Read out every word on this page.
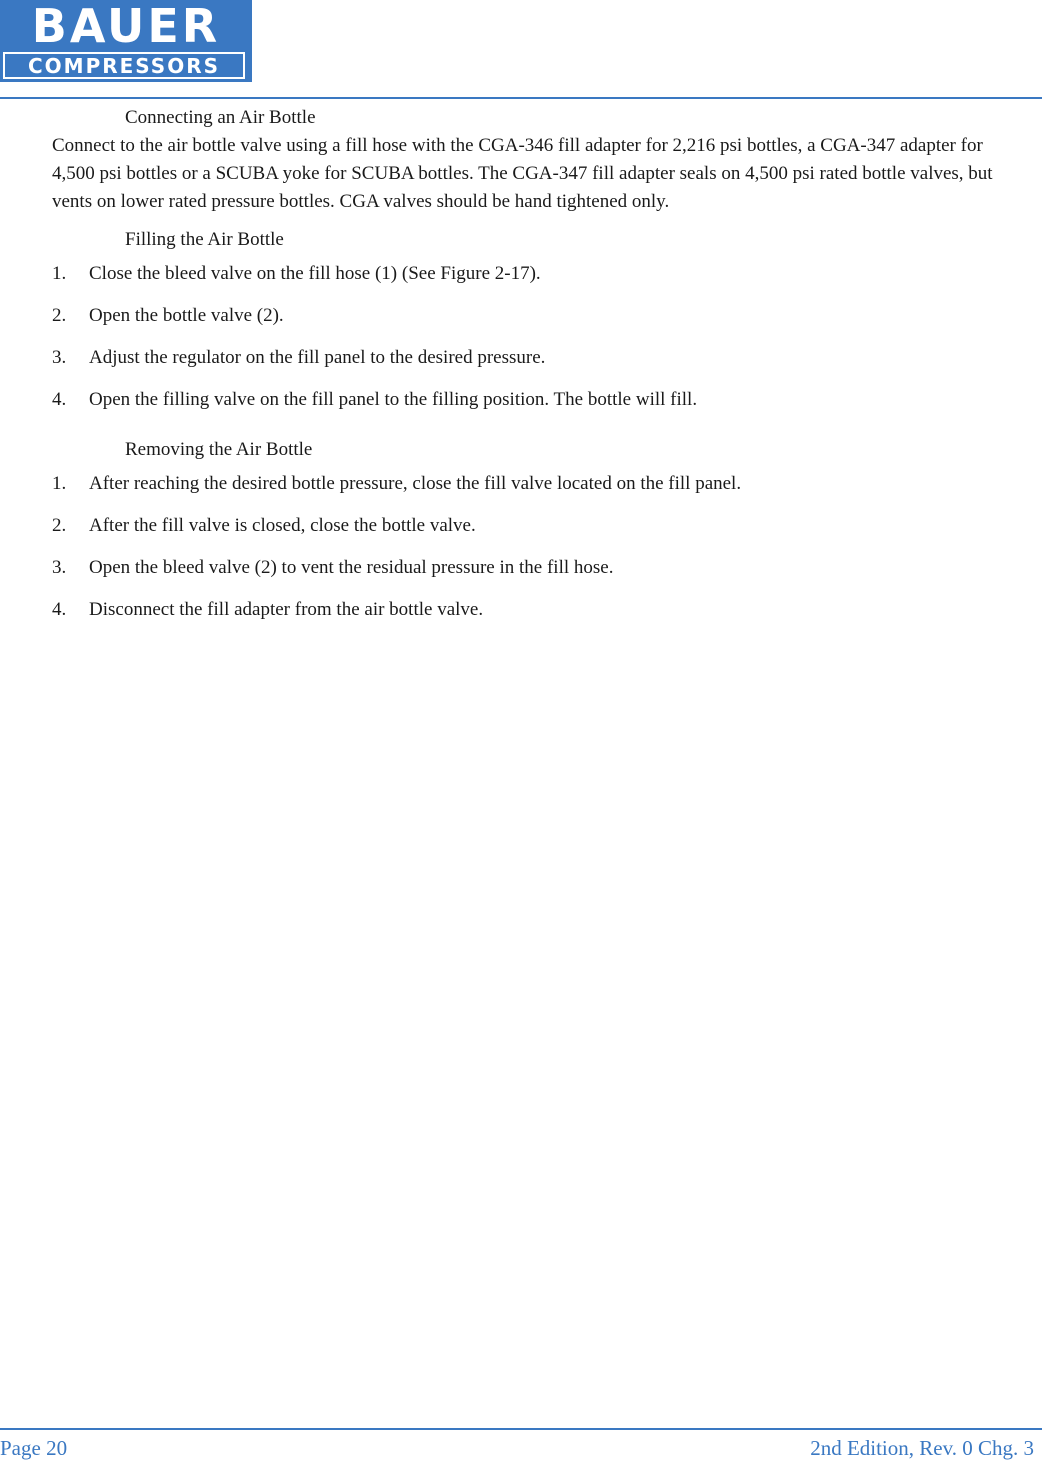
BAUER
COMPRESSORS
Connecting an Air Bottle

Connect to the air bottle valve using a fill hose with the CGA-346 fill adapter for 2,216 psi bottles, a CGA-347 adapter for 4,500 psi bottles or a SCUBA yoke for SCUBA bottles. The CGA-347 fill adapter seals on 4,500 psi rated bottle valves, but vents on lower rated pressure bottles. CGA valves should be hand tightened only.

Filling the Air Bottle
1.	Close the bleed valve on the fill hose (1) (See Figure 2-17).
2.	Open the bottle valve (2).
3.	Adjust the regulator on the fill panel to the desired pressure.
4.	Open the filling valve on the fill panel to the filling position. The bottle will fill.
Removing the Air Bottle
1.	After reaching the desired bottle pressure, close the fill valve located on the fill panel.
2.	After the fill valve is closed, close the bottle valve.
3.	Open the bleed valve (2) to vent the residual pressure in the fill hose.
4.	Disconnect the fill adapter from the air bottle valve.
Page 20	2nd Edition, Rev. 0 Chg. 3
